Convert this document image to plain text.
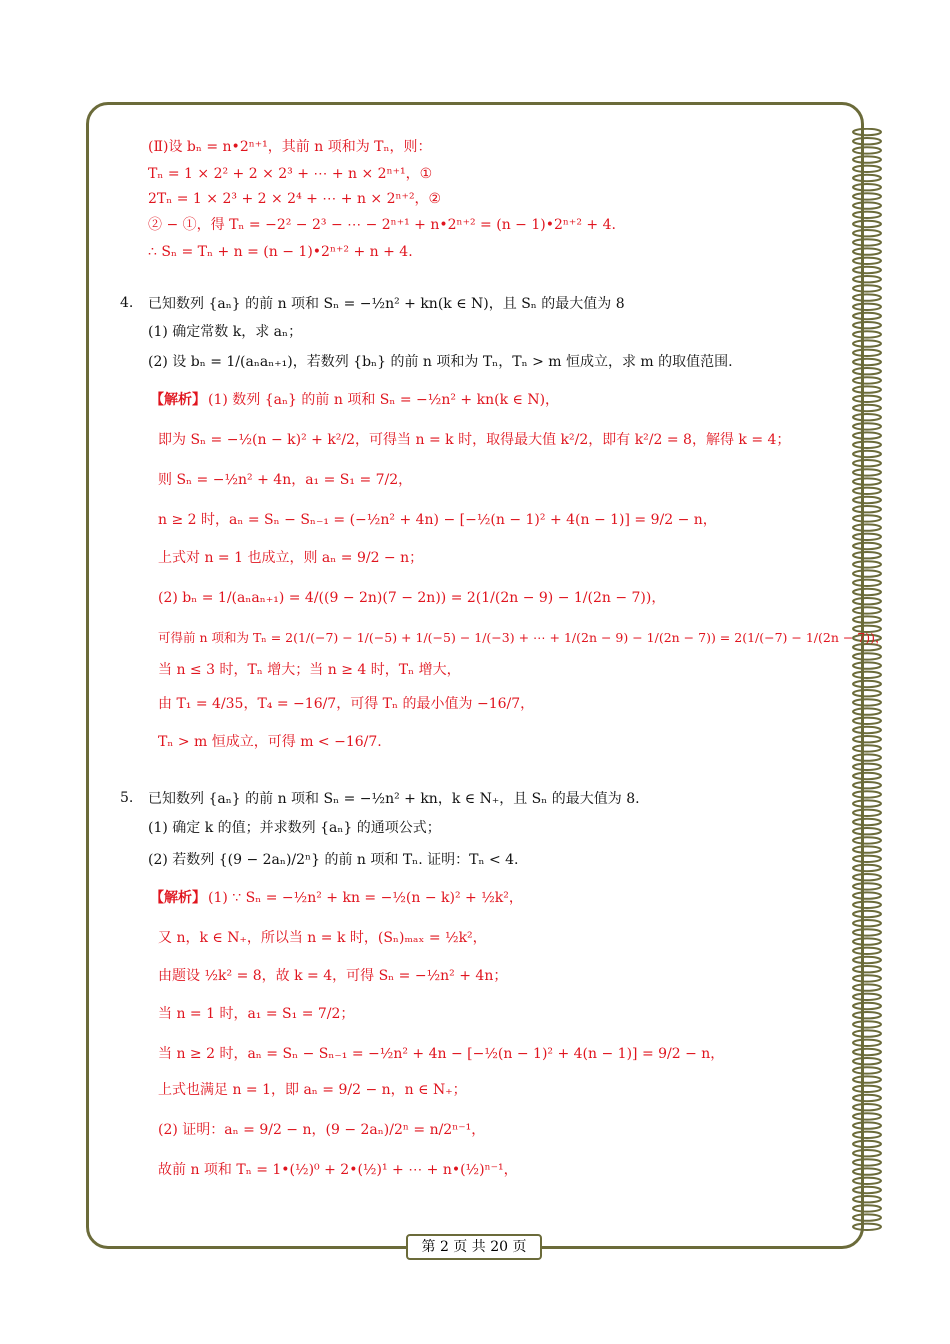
(Ⅱ)设 bₙ = n•2ⁿ⁺¹，其前 n 项和为 Tₙ，则：
Tₙ = 1 × 2² + 2 × 2³ + ⋯ + n × 2ⁿ⁺¹，①
2Tₙ = 1 × 2³ + 2 × 2⁴ + ⋯ + n × 2ⁿ⁺²，②
② − ①，得 Tₙ = −2² − 2³ − ⋯ − 2ⁿ⁺¹ + n•2ⁿ⁺² = (n − 1)•2ⁿ⁺² + 4.
∴ Sₙ = Tₙ + n = (n − 1)•2ⁿ⁺² + n + 4.
4. 已知数列 {aₙ} 的前 n 项和 Sₙ = −½n² + kn(k ∈ N)，且 Sₙ 的最大值为 8
(1) 确定常数 k，求 aₙ；
(2) 设 bₙ = 1/(aₙaₙ₊₁)，若数列 {bₙ} 的前 n 项和为 Tₙ，Tₙ > m 恒成立，求 m 的取值范围.
【解析】 (1) 数列 {aₙ} 的前 n 项和 Sₙ = −½n² + kn(k ∈ N)，
即为 Sₙ = −½(n − k)² + k²/2，可得当 n = k 时，取得最大值 k²/2，即有 k²/2 = 8，解得 k = 4；
则 Sₙ = −½n² + 4n，a₁ = S₁ = 7/2，
n ≥ 2 时，aₙ = Sₙ − Sₙ₋₁ = (−½n² + 4n) − [−½(n − 1)² + 4(n − 1)] = 9/2 − n，
上式对 n = 1 也成立，则 aₙ = 9/2 − n；
(2) bₙ = 1/(aₙaₙ₊₁) = 4/((9 − 2n)(7 − 2n)) = 2(1/(2n − 9) − 1/(2n − 7))，
可得前 n 项和为 Tₙ = 2(1/(−7) − 1/(−5) + 1/(−5) − 1/(−3) + ⋯ + 1/(2n − 9) − 1/(2n − 7)) = 2(1/(−7) − 1/(2n − 7))，
当 n ≤ 3 时，Tₙ 增大；当 n ≥ 4 时，Tₙ 增大，
由 T₁ = 4/35，T₄ = −16/7，可得 Tₙ 的最小值为 −16/7，
Tₙ > m 恒成立，可得 m < −16/7.
5. 已知数列 {aₙ} 的前 n 项和 Sₙ = −½n² + kn，k ∈ N₊，且 Sₙ 的最大值为 8.
(1) 确定 k 的值；并求数列 {aₙ} 的通项公式；
(2) 若数列 {(9 − 2aₙ)/2ⁿ} 的前 n 项和 Tₙ. 证明：Tₙ < 4.
【解析】 (1) ∵ Sₙ = −½n² + kn = −½(n − k)² + ½k²，
又 n，k ∈ N₊，所以当 n = k 时，(Sₙ)ₘₐₓ = ½k²，
由题设 ½k² = 8，故 k = 4，可得 Sₙ = −½n² + 4n；
当 n = 1 时，a₁ = S₁ = 7/2；
当 n ≥ 2 时，aₙ = Sₙ − Sₙ₋₁ = −½n² + 4n − [−½(n − 1)² + 4(n − 1)] = 9/2 − n，
上式也满足 n = 1，即 aₙ = 9/2 − n，n ∈ N₊；
(2) 证明：aₙ = 9/2 − n，(9 − 2aₙ)/2ⁿ = n/2ⁿ⁻¹，
故前 n 项和 Tₙ = 1•(½)⁰ + 2•(½)¹ + ⋯ + n•(½)ⁿ⁻¹，
第 2 页 共 20 页
